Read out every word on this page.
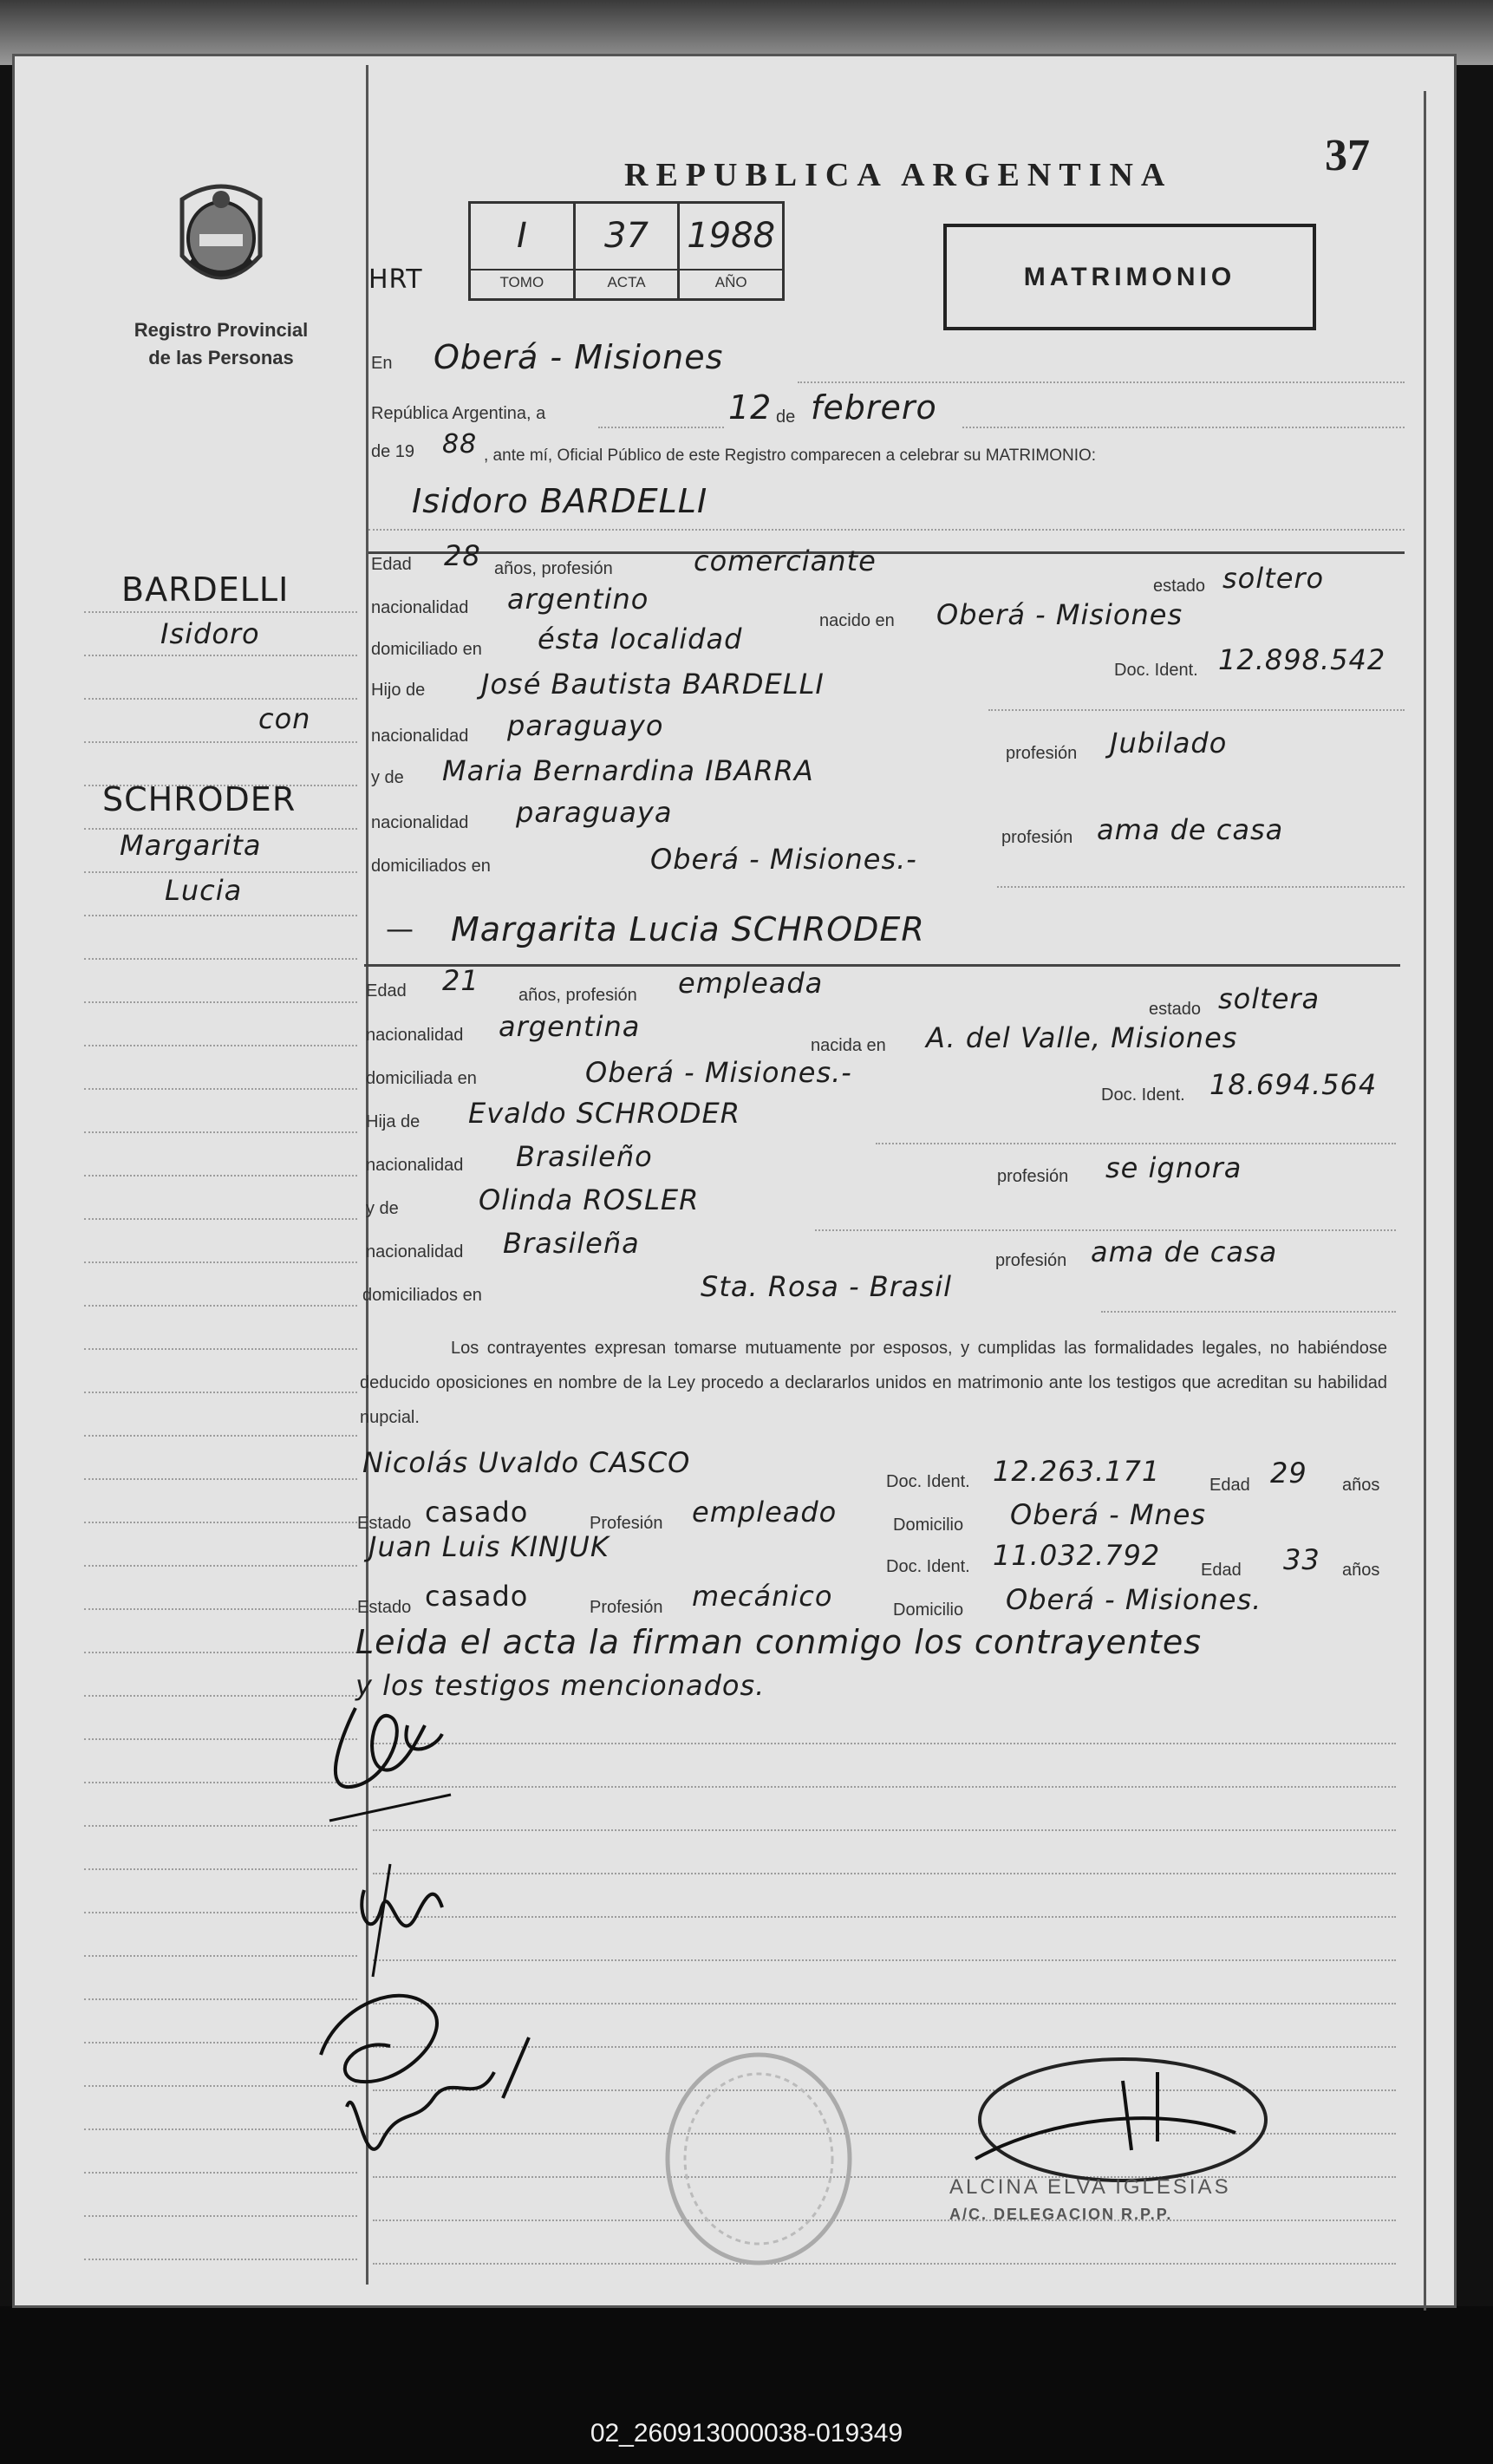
Registro Provincial
de las Personas
REPUBLICA ARGENTINA	37
HRT
I
TOMO
37
ACTA
1988
AÑO	MATRIMONIO
BARDELLI
Isidoro
con
SCHRODER
Margarita
Lucia
En Oberá - Misiones
República Argentina, a	12 de febrero
de 19 88 , ante mí, Oficial Público de este Registro comparecen a celebrar su MATRIMONIO:
Isidoro BARDELLI
Edad 28 años, profesión	comerciante
estado soltero
nacionalidad argentino
nacido en Oberá - Misiones
domiciliado en ésta localidad
Doc. Ident. 12.898.542
Hijo de José Bautista BARDELLI
nacionalidad paraguayo
profesión Jubilado
y de Maria Bernardina IBARRA
nacionalidad paraguaya
profesión ama de casa
domiciliados en	Oberá - Misiones.-
— Margarita Lucia SCHRODER
Edad 21 años, profesión empleada
estado soltera
nacionalidad argentina
nacida en A. del Valle, Misiones
domiciliada en	Oberá - Misiones.-
Doc. Ident. 18.694.564
Hija de Evaldo SCHRODER
nacionalidad Brasileño
profesión se ignora
y de	Olinda ROSLER
nacionalidad Brasileña
profesión ama de casa
domiciliados en	Sta. Rosa - Brasil
Los contrayentes expresan tomarse mutuamente por esposos, y cumplidas las formalidades legales, no habiéndose deducido oposiciones en nombre de la Ley procedo a declararlos unidos en matrimonio ante los testigos que acreditan su habilidad nupcial.
Nicolás Uvaldo CASCO
Doc. Ident. 12.263.171	Edad 29 años
Estado casado	Profesión empleado	Domicilio Oberá - Mnes
Juan Luis KINJUK
Doc. Ident. 11.032.792 Edad 33 años
Estado casado	Profesión mecánico	Domicilio Oberá - Misiones.
Leida el acta la firman conmigo los contrayentes
y los testigos mencionados.
ALCINA ELVA IGLESIAS
A/C. DELEGACION R.P.P.
02_260913000038-019349
